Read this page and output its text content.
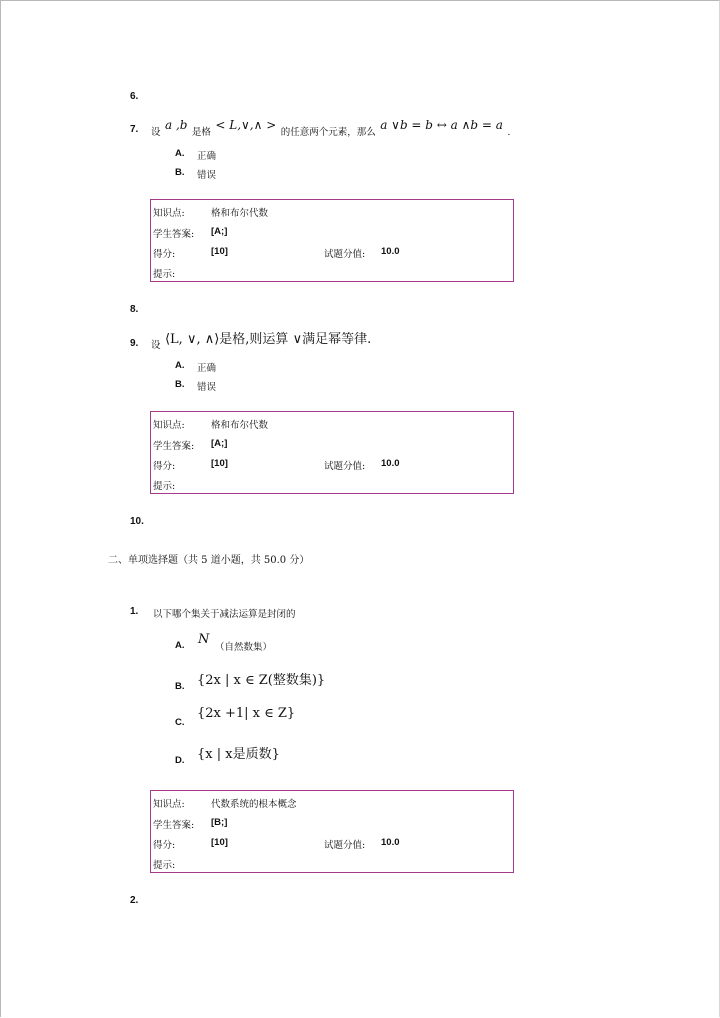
6.
7. $_设$ a ,b $_{是格}$ < L,∨,∧ > $_{的任意两个元素,那么}$ a ∨b = b ↔ a ∧b = a $_.$
A. 正确
B. 错误
知识点:	格和布尔代数
学生答案: [A;]
得分:	[10]	试题分值: 10.0
提示:
8.
9. $_设$ ⟨L, ∨, ∧⟩是格,则运算 ∨满足幂等律.
A. 正确
B. 错误
知识点:	格和布尔代数
学生答案: [A;]
得分:	[10]	试题分值: 10.0
提示:
10.
二、单项选择题（共 5 道小题，共 50.0 分）
1. 以下哪个集关于减法运算是封闭的
A. N
（自然数集）
B. {2x | x ∈ Z(整数集)}
C.
{2x +1| x ∈ Z}
D. {x | x是质数}
知识点:	代数系统的根本概念
学生答案: [B;]
得分:	[10]	试题分值: 10.0
提示:
2.
